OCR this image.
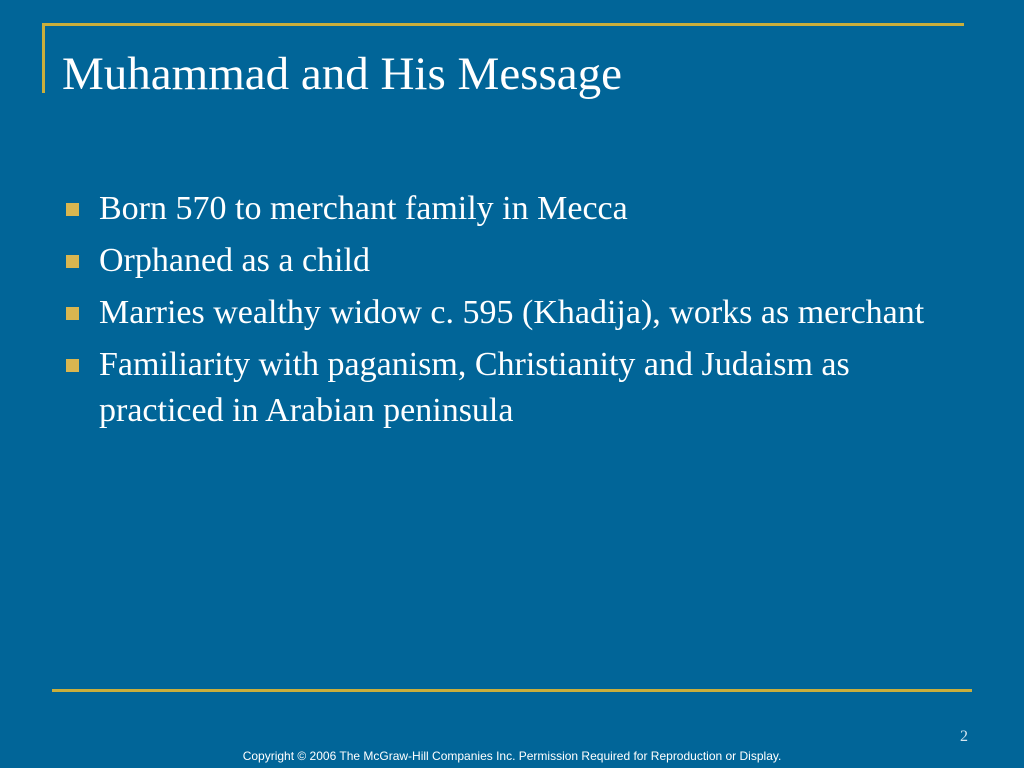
Muhammad and His Message
Born 570 to merchant family in Mecca
Orphaned as a child
Marries wealthy widow c. 595 (Khadija), works as merchant
Familiarity with paganism, Christianity and Judaism as practiced in Arabian peninsula
2
Copyright © 2006 The McGraw-Hill Companies Inc. Permission Required for Reproduction or Display.
